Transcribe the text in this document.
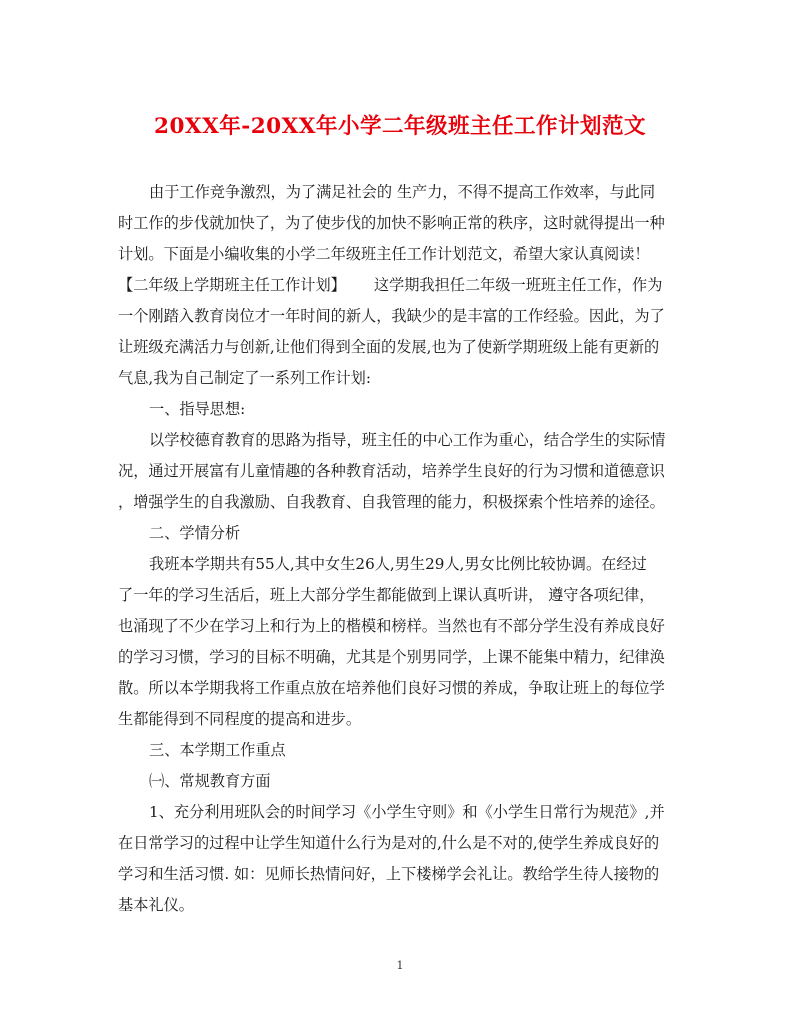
20XX年-20XX年小学二年级班主任工作计划范文
由于工作竞争激烈，为了满足社会的 生产力，不得不提高工作效率，与此同
时工作的步伐就加快了，为了使步伐的加快不影响正常的秩序，这时就得提出一种
计划。下面是小编收集的小学二年级班主任工作计划范文，希望大家认真阅读！
【二年级上学期班主任工作计划】 这学期我担任二年级一班班主任工作，作为
一个刚踏入教育岗位才一年时间的新人，我缺少的是丰富的工作经验。因此，为了
让班级充满活力与创新,让他们得到全面的发展,也为了使新学期班级上能有更新的
气息,我为自己制定了一系列工作计划:
一、指导思想:
以学校德育教育的思路为指导，班主任的中心工作为重心，结合学生的实际情
况，通过开展富有儿童情趣的各种教育活动，培养学生良好的行为习惯和道德意识
，增强学生的自我激励、自我教育、自我管理的能力，积极探索个性培养的途径。
二、学情分析
我班本学期共有55人,其中女生26人,男生29人,男女比例比较协调。在经过
了一年的学习生活后，班上大部分学生都能做到上课认真听讲， 遵守各项纪律，
也涌现了不少在学习上和行为上的楷模和榜样。当然也有不部分学生没有养成良好
的学习习惯，学习的目标不明确，尤其是个别男同学，上课不能集中精力，纪律涣
散。所以本学期我将工作重点放在培养他们良好习惯的养成，争取让班上的每位学
生都能得到不同程度的提高和进步。
三、本学期工作重点
㈠、常规教育方面
1、充分利用班队会的时间学习《小学生守则》和《小学生日常行为规范》,并
在日常学习的过程中让学生知道什么行为是对的,什么是不对的,使学生养成良好的
学习和生活习惯. 如：见师长热情问好，上下楼梯学会礼让。教给学生待人接物的
基本礼仪。
1
